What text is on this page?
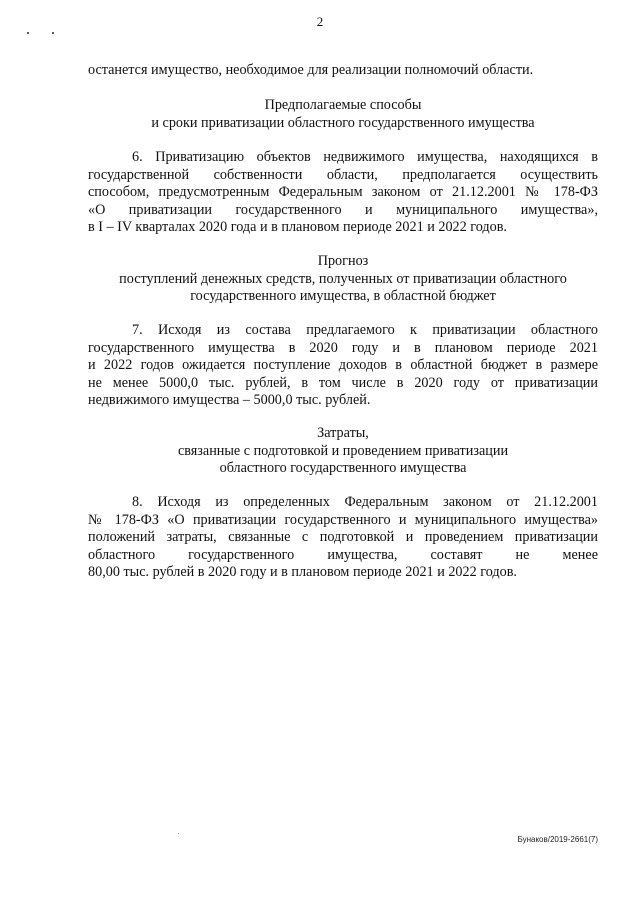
2
останется имущество, необходимое для реализации полномочий области.
Предполагаемые способы
и сроки приватизации областного государственного имущества
6. Приватизацию объектов недвижимого имущества, находящихся в
государственной собственности области, предполагается осуществить
способом, предусмотренным Федеральным законом от 21.12.2001 № 178-ФЗ
«О приватизации государственного и муниципального имущества»,
в I – IV кварталах 2020 года и в плановом периоде 2021 и 2022 годов.
Прогноз
поступлений денежных средств, полученных от приватизации областного
государственного имущества, в областной бюджет
7. Исходя из состава предлагаемого к приватизации областного
государственного имущества в 2020 году и в плановом периоде 2021
и 2022 годов ожидается поступление доходов в областной бюджет в размере
не менее 5000,0 тыс. рублей, в том числе в 2020 году от приватизации
недвижимого имущества – 5000,0 тыс. рублей.
Затраты,
связанные с подготовкой и проведением приватизации
областного государственного имущества
8. Исходя из определенных Федеральным законом от 21.12.2001
№ 178-ФЗ «О приватизации государственного и муниципального имущества»
положений затраты, связанные с подготовкой и проведением приватизации
областного государственного имущества, составят не менее
80,00 тыс. рублей в 2020 году и в плановом периоде 2021 и 2022 годов.
Бунаков/2019-2661(7)
